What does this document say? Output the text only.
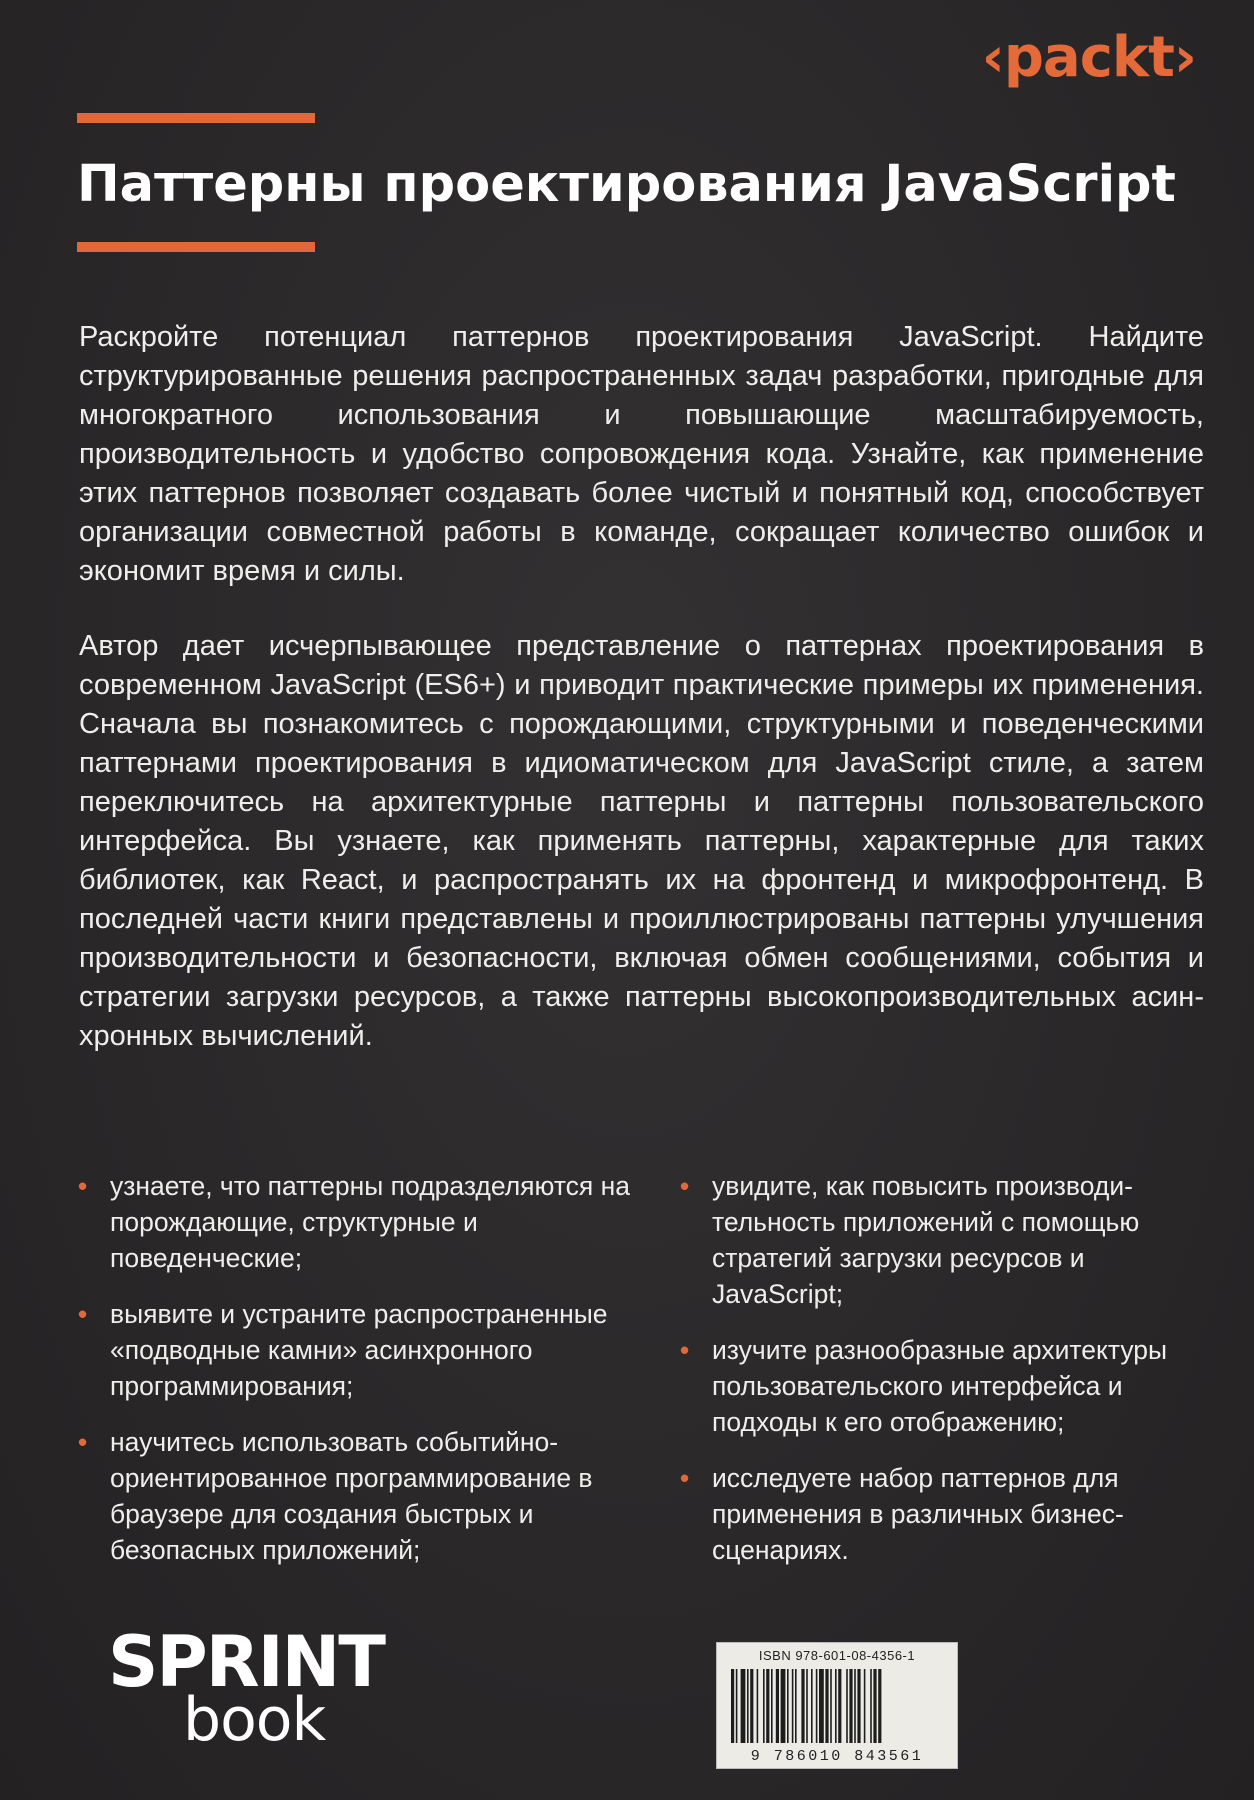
‹packt›
Паттерны проектирования JavaScript

Раскройте потенциал паттернов проектирования JavaScript. Найдите структурированные решения распространенных задач разработки, пригодные для многократного использования и повышающие масштабируемость, производительность и удобство сопровождения кода. Узнайте, как применение этих паттернов позволяет создавать более чистый и понятный код, способствует организации совместной работы в команде, сокращает количество ошибок и экономит время и силы.

Автор дает исчерпывающее представление о паттернах проектирования в современном JavaScript (ES6+) и приводит практические примеры их применения. Сначала вы познакомитесь с порождающими, структурными и поведенческими паттернами проектирования в идиоматическом для JavaScript стиле, а затем переключитесь на архитектурные паттерны и паттерны пользовательского интерфейса. Вы узнаете, как применять паттерны, характерные для таких библиотек, как React, и распространять их на фронтенд и микрофронтенд. В последней части книги представлены и проиллюстрированы паттерны улучшения производительности и безопасности, включая обмен сообщениями, события и стратегии загрузки ресурсов, а также паттерны высокопроизводительных асинхронных вычислений.

• узнаете, что паттерны подразделяются на порождающие, структурные и поведенческие;
• выявите и устраните распространенные «подводные камни» асинхронного программирования;
• научитесь использовать событийно-ориентированное программирование в браузере для создания быстрых и безопасных приложений;
• увидите, как повысить производительность приложений с помощью стратегий загрузки ресурсов и JavaScript;
• изучите разнообразные архитектуры пользовательского интерфейса и подходы к его отображению;
• исследуете набор паттернов для применения в различных бизнес-сценариях.
SPRINT
book
ISBN 978-601-08-4356-1
9 786010 843561
